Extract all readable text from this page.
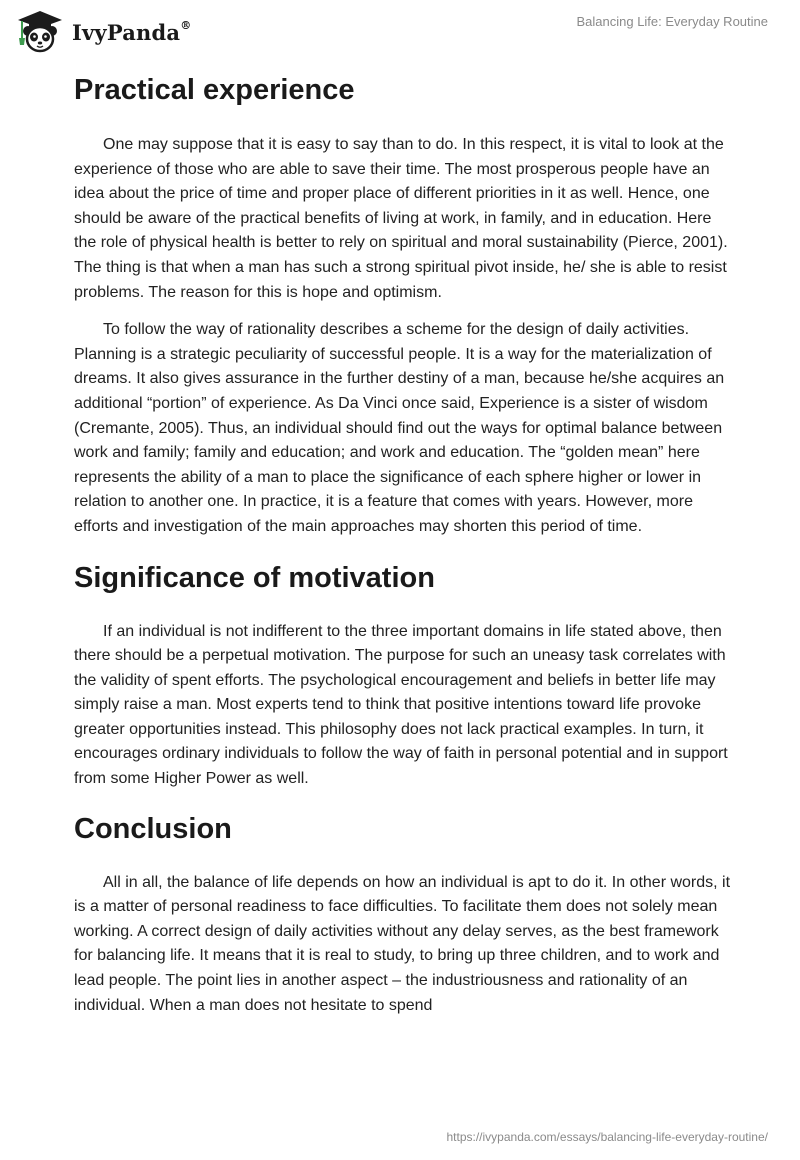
IvyPanda®	Balancing Life: Everyday Routine
Practical experience

One may suppose that it is easy to say than to do. In this respect, it is vital to look at the experience of those who are able to save their time. The most prosperous people have an idea about the price of time and proper place of different priorities in it as well. Hence, one should be aware of the practical benefits of living at work, in family, and in education. Here the role of physical health is better to rely on spiritual and moral sustainability (Pierce, 2001). The thing is that when a man has such a strong spiritual pivot inside, he/ she is able to resist problems. The reason for this is hope and optimism.

To follow the way of rationality describes a scheme for the design of daily activities. Planning is a strategic peculiarity of successful people. It is a way for the materialization of dreams. It also gives assurance in the further destiny of a man, because he/she acquires an additional “portion” of experience. As Da Vinci once said, Experience is a sister of wisdom (Cremante, 2005). Thus, an individual should find out the ways for optimal balance between work and family; family and education; and work and education. The “golden mean” here represents the ability of a man to place the significance of each sphere higher or lower in relation to another one. In practice, it is a feature that comes with years. However, more efforts and investigation of the main approaches may shorten this period of time.

Significance of motivation

If an individual is not indifferent to the three important domains in life stated above, then there should be a perpetual motivation. The purpose for such an uneasy task correlates with the validity of spent efforts. The psychological encouragement and beliefs in better life may simply raise a man. Most experts tend to think that positive intentions toward life provoke greater opportunities instead. This philosophy does not lack practical examples. In turn, it encourages ordinary individuals to follow the way of faith in personal potential and in support from some Higher Power as well.

Conclusion

All in all, the balance of life depends on how an individual is apt to do it. In other words, it is a matter of personal readiness to face difficulties. To facilitate them does not solely mean working. A correct design of daily activities without any delay serves, as the best framework for balancing life. It means that it is real to study, to bring up three children, and to work and lead people. The point lies in another aspect – the industriousness and rationality of an individual. When a man does not hesitate to spend

https://ivypanda.com/essays/balancing-life-everyday-routine/
